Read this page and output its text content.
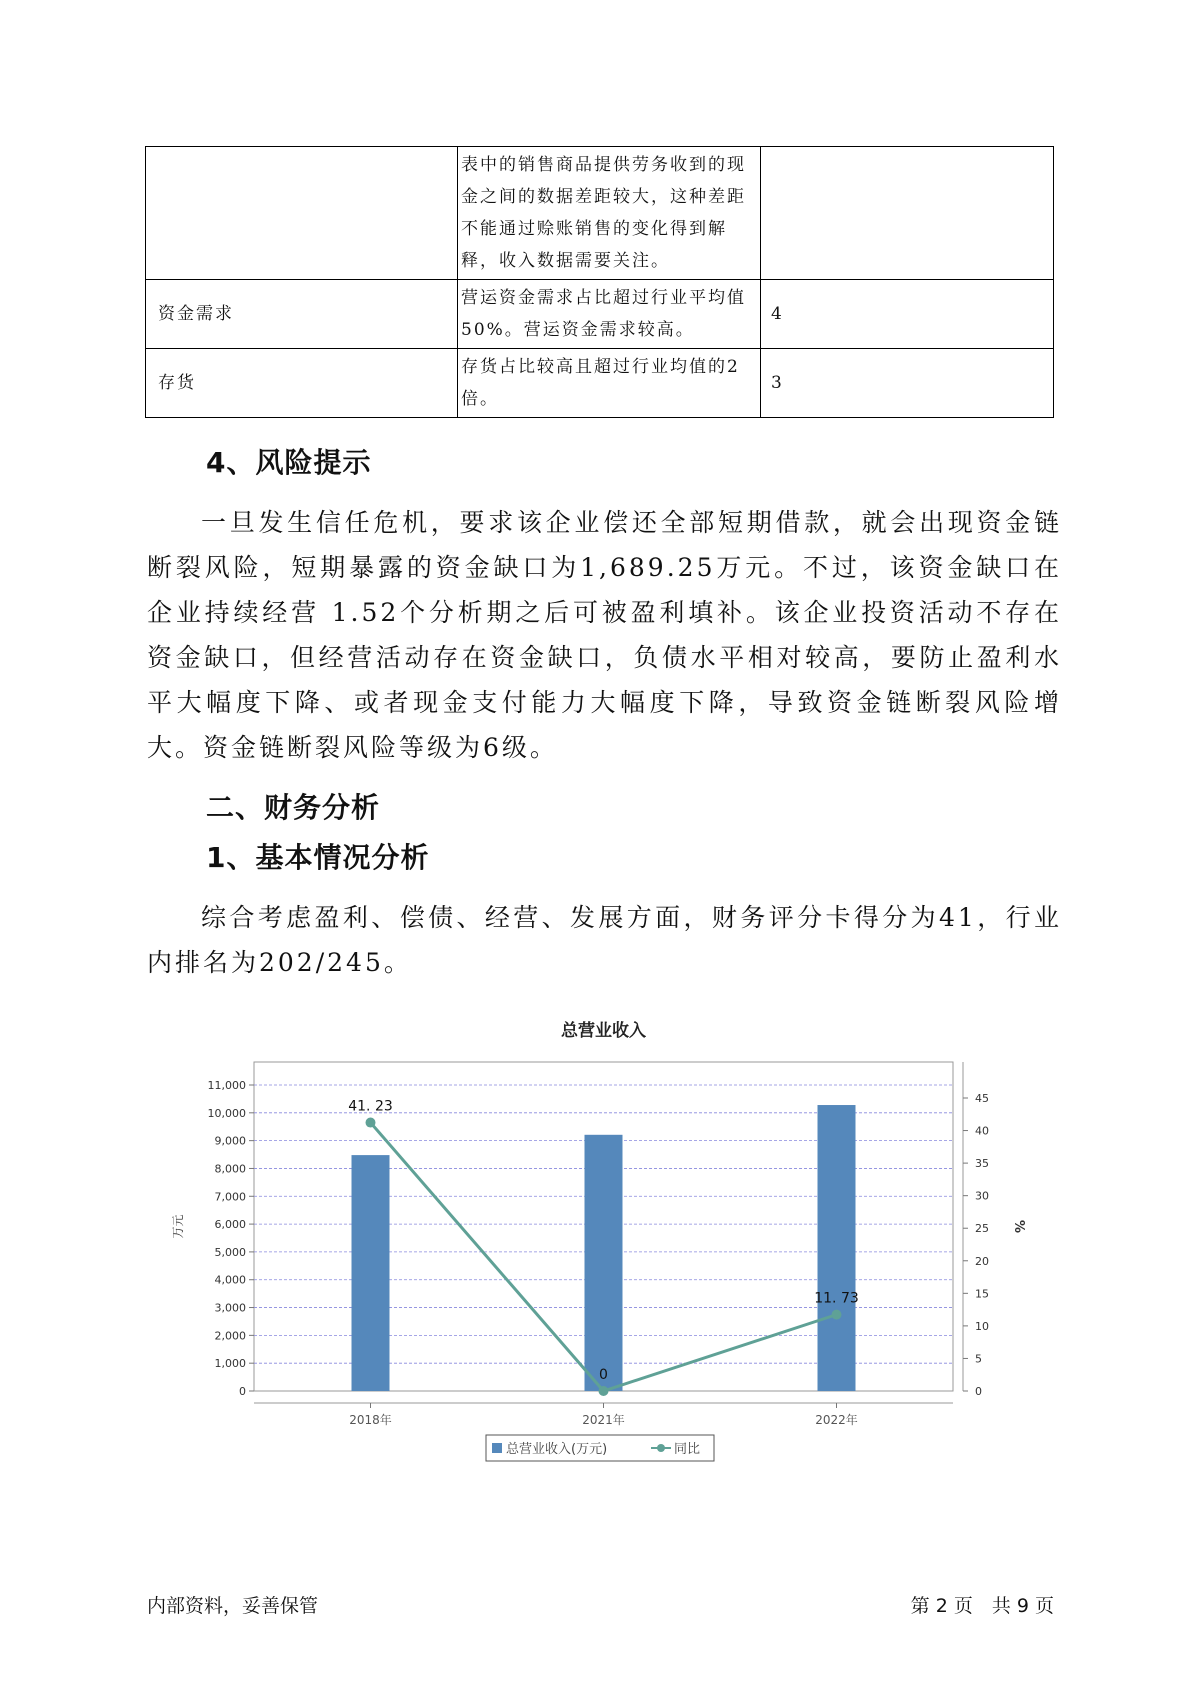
	表中的销售商品提供劳务收到的现金之间的数据差距较大，这种差距不能通过赊账销售的变化得到解释，收入数据需要关注。	
资金需求	营运资金需求占比超过行业平均值50%。营运资金需求较高。	4
存货	存货占比较高且超过行业均值的2倍。	3
4、风险提示

一旦发生信任危机，要求该企业偿还全部短期借款，就会出现资金链断裂风险，短期暴露的资金缺口为1,689.25万元。不过，该资金缺口在企业持续经营 1.52个分析期之后可被盈利填补。该企业投资活动不存在资金缺口，但经营活动存在资金缺口，负债水平相对较高，要防止盈利水平大幅度下降、或者现金支付能力大幅度下降，导致资金链断裂风险增大。资金链断裂风险等级为6级。

二、财务分析
1、基本情况分析

综合考虑盈利、偿债、经营、发展方面，财务评分卡得分为41，行业内排名为202/245。

总营业收入
0
1,000
2,000
3,000
4,000
5,000
6,000
7,000
8,000
9,000
10,000
11,000
万元
0
5
10
15
20
25
30
35
40
45
%
2018年	2021年	2022年
41. 23
0
11. 73
总营业收入(万元)	同比
内部资料，妥善保管	第 2 页　共 9 页
